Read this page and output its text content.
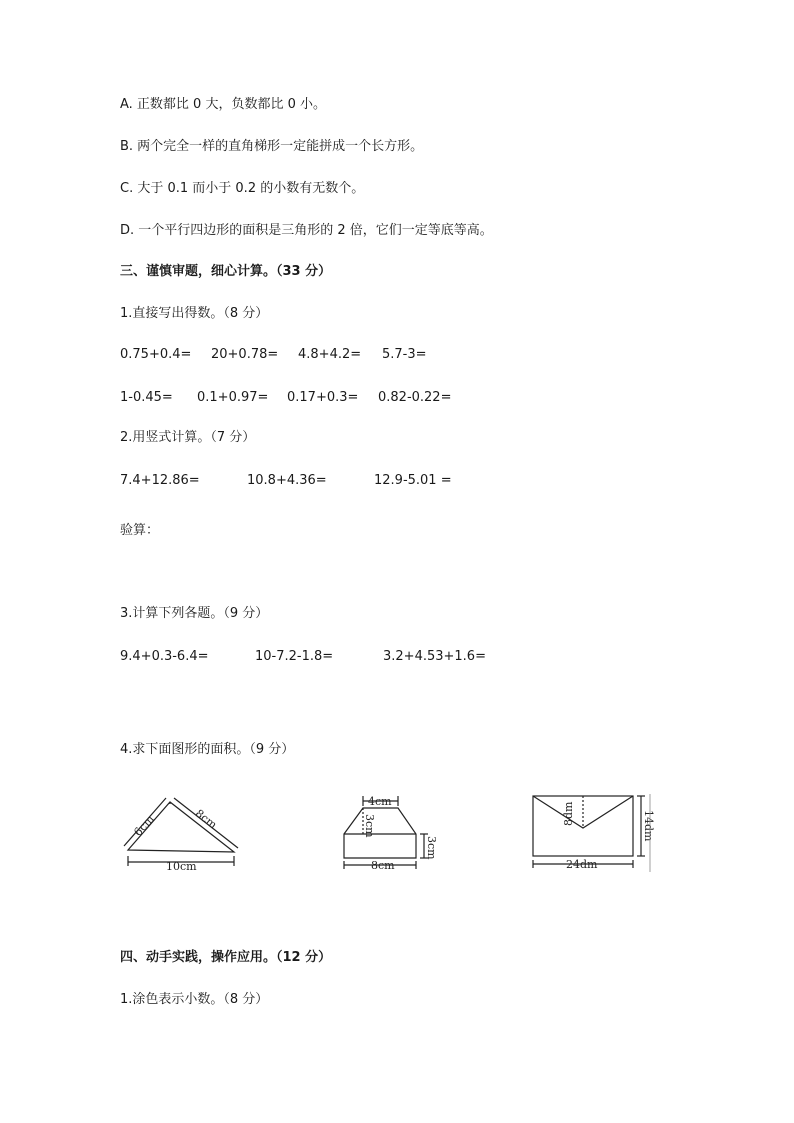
A. 正数都比 0 大，负数都比 0 小。
B. 两个完全一样的直角梯形一定能拼成一个长方形。
C. 大于 0.1 而小于 0.2 的小数有无数个。
D. 一个平行四边形的面积是三角形的 2 倍，它们一定等底等高。
三、谨慎审题，细心计算。（33 分）
1.直接写出得数。（8 分）
0.75+0.4= 20+0.78= 4.8+4.2= 5.7-3=
1-0.45= 0.1+0.97= 0.17+0.3= 0.82-0.22=
2.用竖式计算。（7 分）
7.4+12.86=	10.8+4.36=	12.9-5.01 =
验算：
3.计算下列各题。（9 分）
9.4+0.3-6.4=	10-7.2-1.8=	3.2+4.53+1.6=
4.求下面图形的面积。（9 分）
6cm	8cm
10cm
4cm
3cm
3cm
8cm
8dm	14dm
24dm
四、动手实践，操作应用。（12 分）
1.涂色表示小数。（8 分）
